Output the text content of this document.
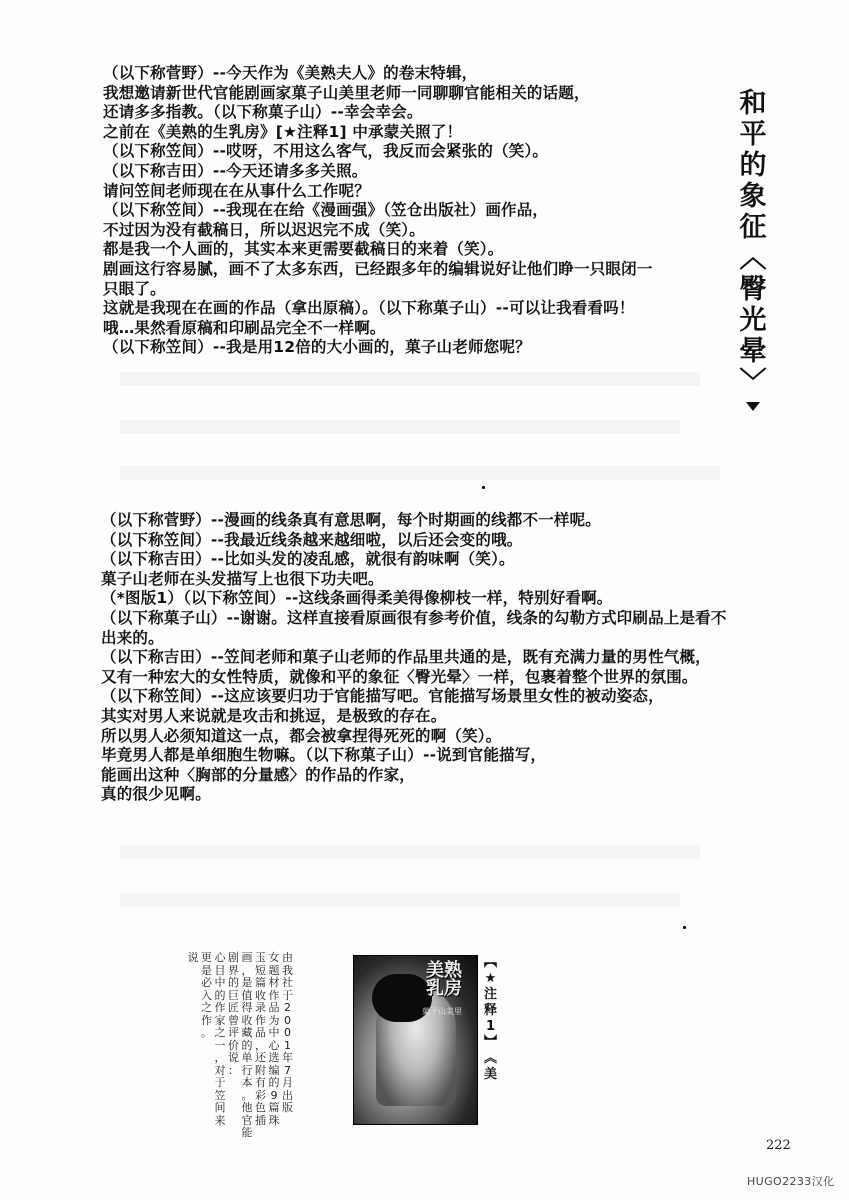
（以下称菅野）--今天作为《美熟夫人》的卷末特辑，

我想邀请新世代官能剧画家菓子山美里老师一同聊聊官能相关的话题，

还请多多指教。（以下称菓子山）--幸会幸会。

之前在《美熟的生乳房》[★注释1] 中承蒙关照了！

（以下称笠间）--哎呀，不用这么客气，我反而会紧张的（笑）。

（以下称吉田）--今天还请多多关照。

请问笠间老师现在在从事什么工作呢？

（以下称笠间）--我现在在给《漫画强》（笠仓出版社）画作品，

不过因为没有截稿日，所以迟迟完不成（笑）。

都是我一个人画的，其实本来更需要截稿日的来着（笑）。

剧画这行容易腻，画不了太多东西，已经跟多年的编辑说好让他们睁一只眼闭一

只眼了。

这就是我现在在画的作品（拿出原稿）。（以下称菓子山）--可以让我看看吗！

哦…果然看原稿和印刷品完全不一样啊。

（以下称笠间）--我是用12倍的大小画的，菓子山老师您呢？

和
平
的
象
征
︿
臀
光
晕
﹀

（以下称菅野）--漫画的线条真有意思啊，每个时期画的线都不一样呢。

（以下称笠间）--我最近线条越来越细啦，以后还会变的哦。

（以下称吉田）--比如头发的凌乱感，就很有韵味啊（笑）。

菓子山老师在头发描写上也很下功夫吧。

（*图版1）（以下称笠间）--这线条画得柔美得像柳枝一样，特别好看啊。

（以下称菓子山）--谢谢。这样直接看原画很有参考价值，线条的勾勒方式印刷品上是看不

出来的。

（以下称吉田）--笠间老师和菓子山老师的作品里共通的是，既有充满力量的男性气概，

又有一种宏大的女性特质，就像和平的象征〈臀光晕〉一样，包裹着整个世界的氛围。

（以下称笠间）--这应该要归功于官能描写吧。官能描写场景里女性的被动姿态，

其实对男人来说就是攻击和挑逗，是极致的存在。

所以男人必须知道这一点，都会被拿捏得死死的啊（笑）。

毕竟男人都是单细胞生物嘛。（以下称菓子山）--说到官能描写，

能画出这种〈胸部的分量感〉的作品的作家，

真的很少见啊。

由
我
社
于
2
0
0
1
年
7
月
出
版
女
题
材
作
品
为
中
心
选
编
的
9
篇
珠
玉
短
篇
收
录
作
品
，
还
附
有
彩
色
插
画
，
是
值
得
收
藏
的
单
行
本
。
他
官
能
剧
界
的
巨
匠
曾
评
价
说
：
心
目
中
的
作
家
之
一
，
对
于
笠
间
来
更
是
必
入
之
作
。
说
美熟乳房
菓子山美里
︻
★
注
释
1
︼
︽
美
222
HUGO2233汉化
